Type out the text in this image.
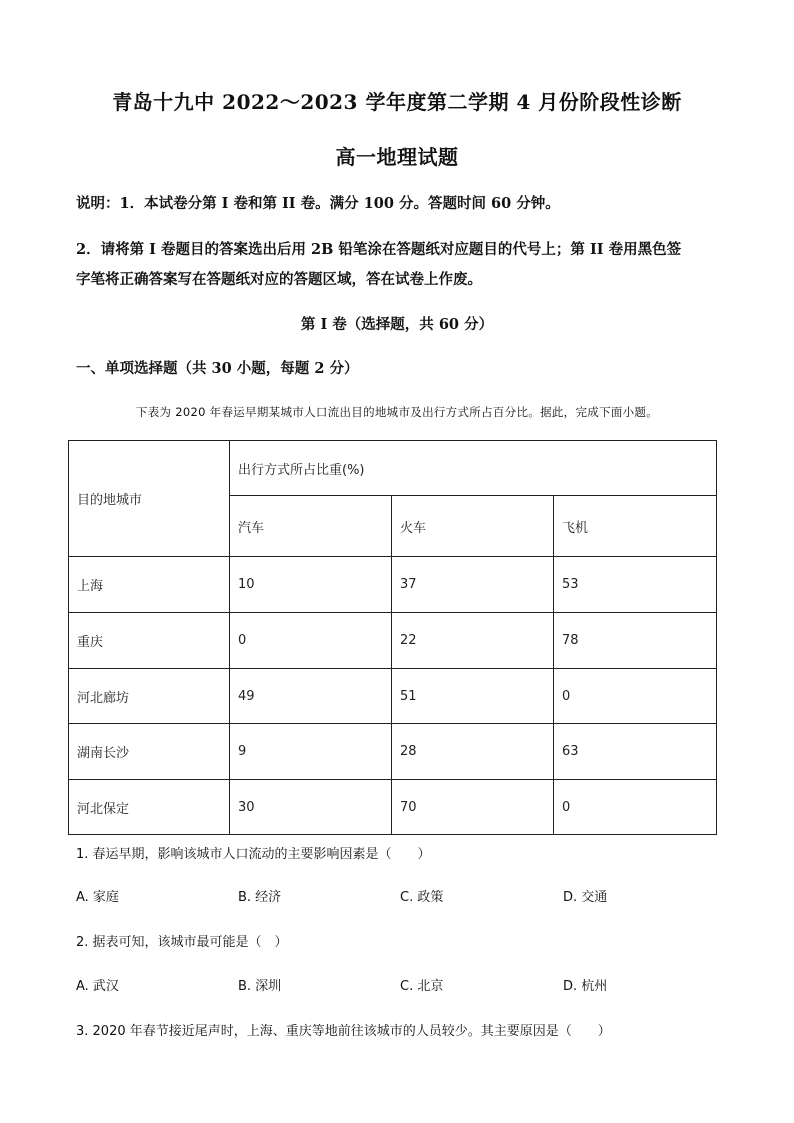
青岛十九中 2022～2023 学年度第二学期 4 月份阶段性诊断
高一地理试题
说明：1．本试卷分第 I 卷和第 II 卷。满分 100 分。答题时间 60 分钟。
2．请将第 I 卷题目的答案选出后用 2B 铅笔涂在答题纸对应题目的代号上；第 II 卷用黑色签
字笔将正确答案写在答题纸对应的答题区域，答在试卷上作废。
第 I 卷（选择题，共 60 分）
一、单项选择题（共 30 小题，每题 2 分）
下表为 2020 年春运早期某城市人口流出目的地城市及出行方式所占百分比。据此，完成下面小题。
目的地城市	出行方式所占比重(%)		
	汽车	火车	飞机
上海	10	37	53
重庆	0	22	78
河北廊坊	49	51	0
湖南长沙	9	28	63
河北保定	30	70	0
1. 春运早期，影响该城市人口流动的主要影响因素是（　　）
A. 家庭	B. 经济	C. 政策	D. 交通
2. 据表可知，该城市最可能是（　）
A. 武汉	B. 深圳	C. 北京	D. 杭州
3. 2020 年春节接近尾声时，上海、重庆等地前往该城市的人员较少。其主要原因是（　　）
